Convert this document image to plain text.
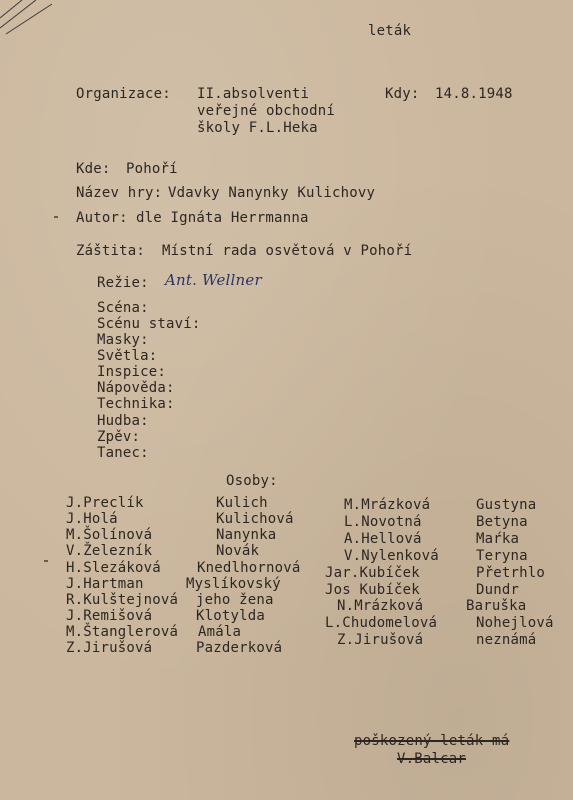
leták
Organizace: II.absolventi
veřejné obchodní
školy F.L.Heka
Kdy: 14.8.1948
Kde: Pohoří
Název hry: Vdavky Nanynky Kulichovy
Autor: dle Ignáta Herrmanna
Záštita: Místní rada osvětová v Pohoří
Režie: Ant. Wellner
Scéna:
Scénu staví:
Masky:
Světla:
Inspice:
Nápověda:
Technika:
Hudba:
Zpěv:
Tanec:
Osoby:
J.Preclík	Kulich
J.Holá	Kulichová
M.Šolínová	Nanynka
V.Železník	Novák
H.Slezáková	Knedlhornová
J.Hartman	Myslíkovský
R.Kulštejnová jeho žena
J.Remišová	Klotylda
M.Štanglerová Amála
Z.Jirušová	Pazderková
M.Mrázková	Gustyna
L.Novotná	Betyna
A.Hellová	Maŕka
V.Nylenková	Teryna
Jar.Kubíček	Přetrhlo
Jos Kubíček	Dundr
N.Mrázková	Baruška
L.Chudomelová	Nohejlová
Z.Jirušová	neznámá
poškozený leták má
V.Balcar
